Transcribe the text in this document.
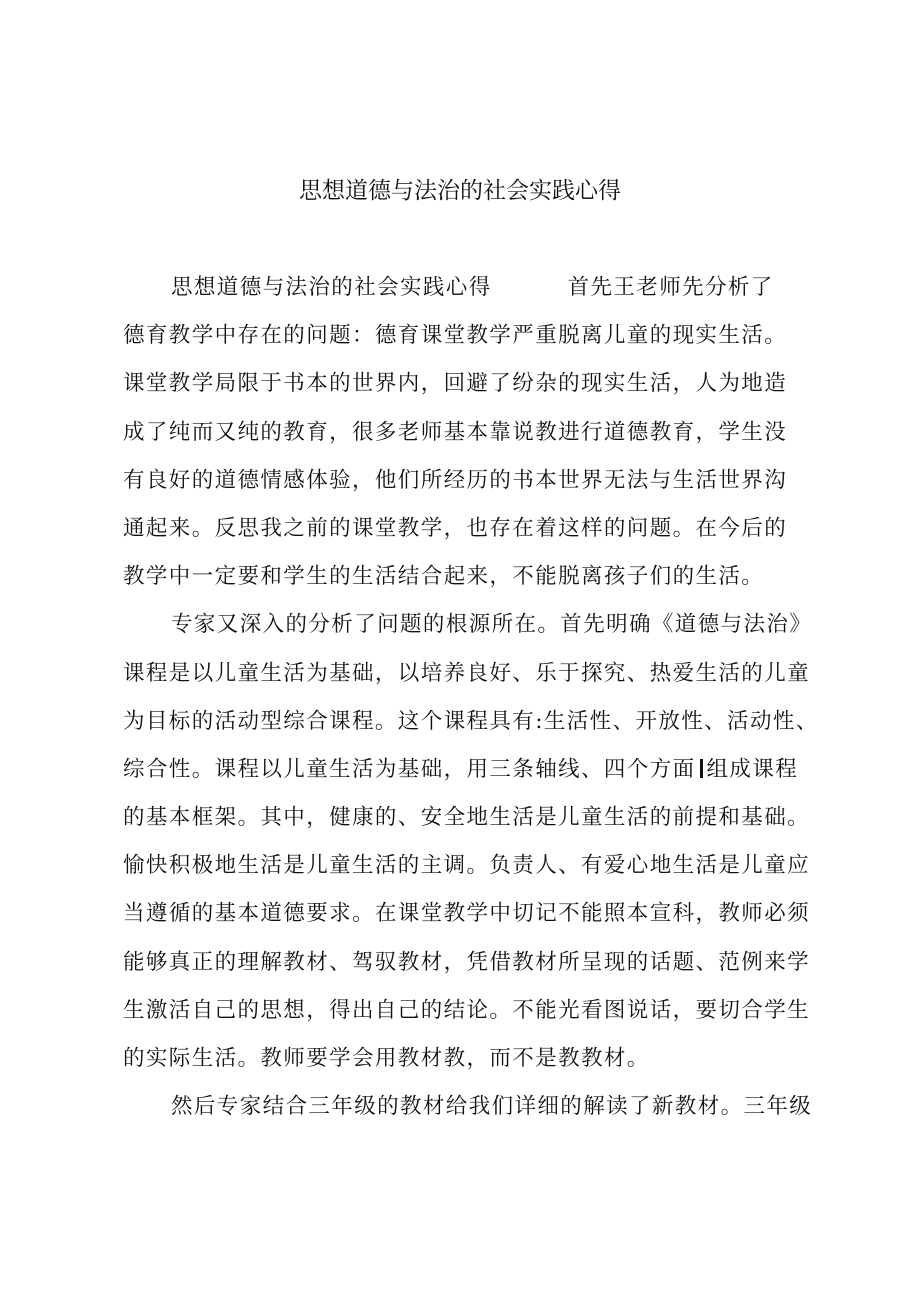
思想道德与法治的社会实践心得
思想道德与法治的社会实践心得	首先王老师先分析了
德育教学中存在的问题：德育课堂教学严重脱离儿童的现实生活。
课堂教学局限于书本的世界内，回避了纷杂的现实生活，人为地造
成了纯而又纯的教育，很多老师基本靠说教进行道德教育，学生没
有良好的道德情感体验，他们所经历的书本世界无法与生活世界沟
通起来。反思我之前的课堂教学，也存在着这样的问题。在今后的
教学中一定要和学生的生活结合起来，不能脱离孩子们的生活。
专家又深入的分析了问题的根源所在。首先明确《道德与法治》
课程是以儿童生活为基础，以培养良好、乐于探究、热爱生活的儿童
为目标的活动型综合课程。这个课程具有:生活性、开放性、活动性、
综合性。课程以儿童生活为基础，用三条轴线、四个方面 组成课程
的基本框架。其中，健康的、安全地生活是儿童生活的前提和基础。
愉快积极地生活是儿童生活的主调。负责人、有爱心地生活是儿童应
当遵循的基本道德要求。在课堂教学中切记不能照本宣科，教师必须
能够真正的理解教材、驾驭教材，凭借教材所呈现的话题、范例来学
生激活自己的思想，得出自己的结论。不能光看图说话，要切合学生
的实际生活。教师要学会用教材教，而不是教教材。
然后专家结合三年级的教材给我们详细的解读了新教材。三年级
